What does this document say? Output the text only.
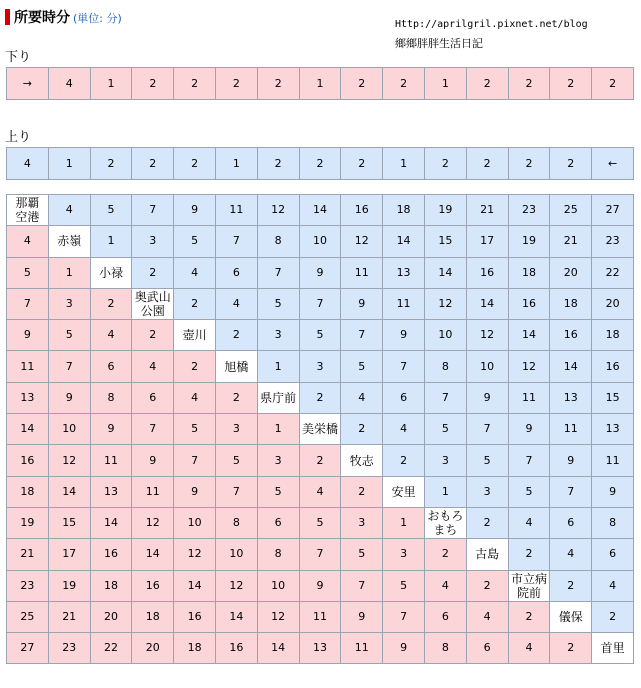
所要時分 (単位: 分)	Http://aprilgril.pixnet.net/blog
鄉鄉胖胖生活日記
下り
→	4	1	2	2	2	2	1	2	2	1	2	2	2	2
上り
4	1	2	2	2	1	2	2	2	1	2	2	2	2	←
那覇
空港	4	5	7	9	11	12	14	16	18	19	21	23	25	27
4	赤嶺	1	3	5	7	8	10	12	14	15	17	19	21	23
5	1	小禄	2	4	6	7	9	11	13	14	16	18	20	22
7	3	2	奥武山
公園	2	4	5	7	9	11	12	14	16	18	20
9	5	4	2	壺川	2	3	5	7	9	10	12	14	16	18
11	7	6	4	2	旭橋	1	3	5	7	8	10	12	14	16
13	9	8	6	4	2	県庁前	2	4	6	7	9	11	13	15
14	10	9	7	5	3	1	美栄橋	2	4	5	7	9	11	13
16	12	11	9	7	5	3	2	牧志	2	3	5	7	9	11
18	14	13	11	9	7	5	4	2	安里	1	3	5	7	9
19	15	14	12	10	8	6	5	3	1	おもろ
まち	2	4	6	8
21	17	16	14	12	10	8	7	5	3	2	古島	2	4	6
23	19	18	16	14	12	10	9	7	5	4	2	市立病
院前	2	4
25	21	20	18	16	14	12	11	9	7	6	4	2	儀保	2
27	23	22	20	18	16	14	13	11	9	8	6	4	2	首里
